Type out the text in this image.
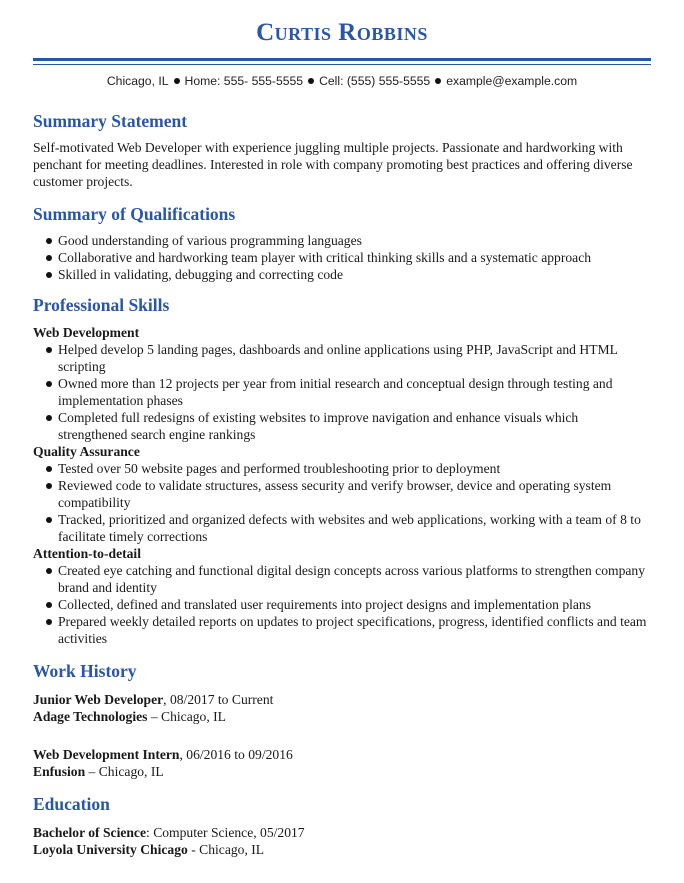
Curtis Robbins
Chicago, IL Home: 555- 555-5555 Cell: (555) 555-5555 example@example.com
Summary Statement

Self-motivated Web Developer with experience juggling multiple projects. Passionate and hardworking with penchant for meeting deadlines. Interested in role with company promoting best practices and offering diverse customer projects.

Summary of Qualifications
Good understanding of various programming languages
Collaborative and hardworking team player with critical thinking skills and a systematic approach
Skilled in validating, debugging and correcting code
Professional Skills
Web Development
Helped develop 5 landing pages, dashboards and online applications using PHP, JavaScript and HTML scripting
Owned more than 12 projects per year from initial research and conceptual design through testing and implementation phases
Completed full redesigns of existing websites to improve navigation and enhance visuals which strengthened search engine rankings
Quality Assurance
Tested over 50 website pages and performed troubleshooting prior to deployment
Reviewed code to validate structures, assess security and verify browser, device and operating system compatibility
Tracked, prioritized and organized defects with websites and web applications, working with a team of 8 to facilitate timely corrections
Attention-to-detail
Created eye catching and functional digital design concepts across various platforms to strengthen company brand and identity
Collected, defined and translated user requirements into project designs and implementation plans
Prepared weekly detailed reports on updates to project specifications, progress, identified conflicts and team activities
Work History
Junior Web Developer, 08/2017 to Current
Adage Technologies – Chicago, IL
Web Development Intern, 06/2016 to 09/2016
Enfusion – Chicago, IL
Education
Bachelor of Science: Computer Science, 05/2017
Loyola University Chicago - Chicago, IL
